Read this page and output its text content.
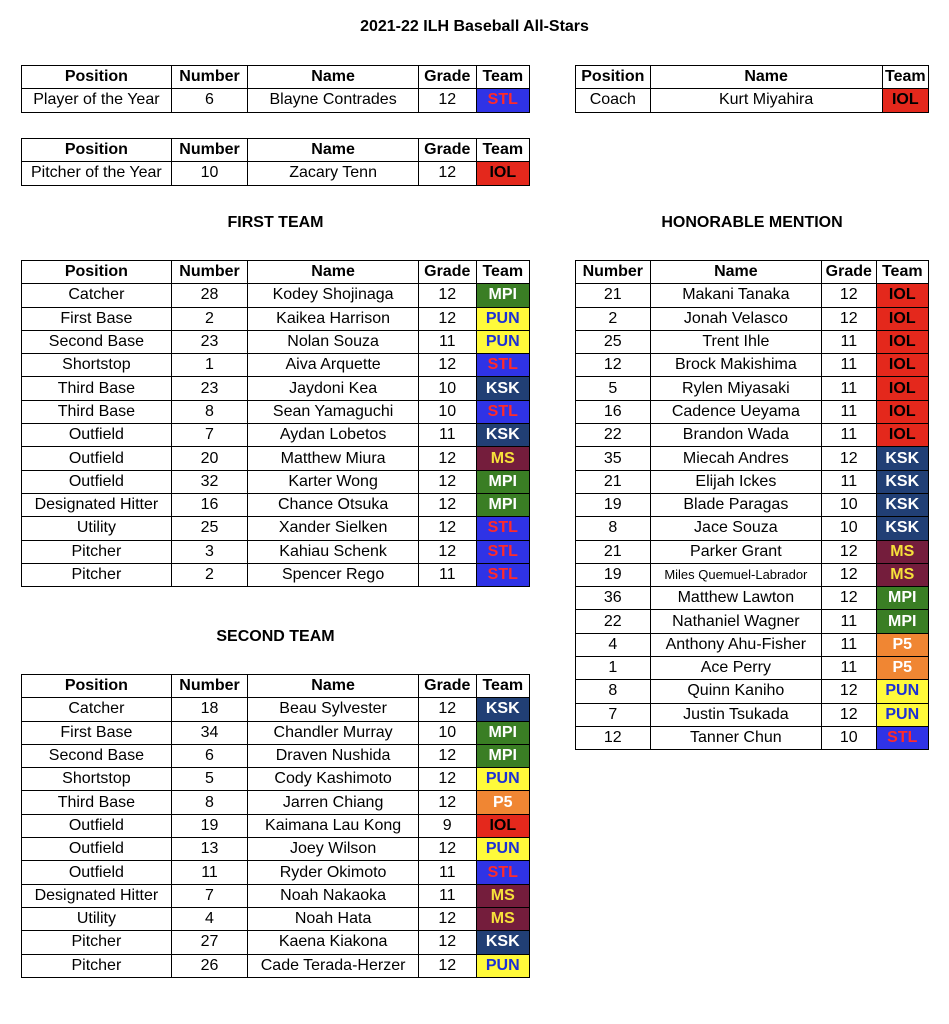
2021-22 ILH Baseball All-Stars
Position	Number	Name	Grade	Team
Player of the Year	6	Blayne Contrades	12	STL
Position	Name	Team
Coach	Kurt Miyahira	IOL
Position	Number	Name	Grade	Team
Pitcher of the Year	10	Zacary Tenn	12	IOL
FIRST TEAM
Position	Number	Name	Grade	Team
Catcher	28	Kodey Shojinaga	12	MPI

First Base	2	Kaikea Harrison	12	PUN

Second Base	23	Nolan Souza	11	PUN

Shortstop	1	Aiva Arquette	12	STL

Third Base	23	Jaydoni Kea	10	KSK

Third Base	8	Sean Yamaguchi	10	STL

Outfield	7	Aydan Lobetos	11	KSK

Outfield	20	Matthew Miura	12	MS

Outfield	32	Karter Wong	12	MPI

Designated Hitter	16	Chance Otsuka	12	MPI

Utility	25	Xander Sielken	12	STL

Pitcher	3	Kahiau Schenk	12	STL

Pitcher	2	Spencer Rego	11	STL
SECOND TEAM
Position	Number	Name	Grade	Team
Catcher	18	Beau Sylvester	12	KSK

First Base	34	Chandler Murray	10	MPI

Second Base	6	Draven Nushida	12	MPI

Shortstop	5	Cody Kashimoto	12	PUN

Third Base	8	Jarren Chiang	12	P5

Outfield	19	Kaimana Lau Kong	9	IOL

Outfield	13	Joey Wilson	12	PUN

Outfield	11	Ryder Okimoto	11	STL

Designated Hitter	7	Noah Nakaoka	11	MS

Utility	4	Noah Hata	12	MS

Pitcher	27	Kaena Kiakona	12	KSK

Pitcher	26	Cade Terada-Herzer	12	PUN
HONORABLE MENTION
Number	Name	Grade	Team
21	Makani Tanaka	12	IOL

2	Jonah Velasco	12	IOL

25	Trent Ihle	11	IOL

12	Brock Makishima	11	IOL

5	Rylen Miyasaki	11	IOL

16	Cadence Ueyama	11	IOL

22	Brandon Wada	11	IOL

35	Miecah Andres	12	KSK

21	Elijah Ickes	11	KSK

19	Blade Paragas	10	KSK

8	Jace Souza	10	KSK

21	Parker Grant	12	MS

19	Miles Quemuel-Labrador	12	MS

36	Matthew Lawton	12	MPI

22	Nathaniel Wagner	11	MPI

4	Anthony Ahu-Fisher	11	P5

1	Ace Perry	11	P5

8	Quinn Kaniho	12	PUN

7	Justin Tsukada	12	PUN

12	Tanner Chun	10	STL
